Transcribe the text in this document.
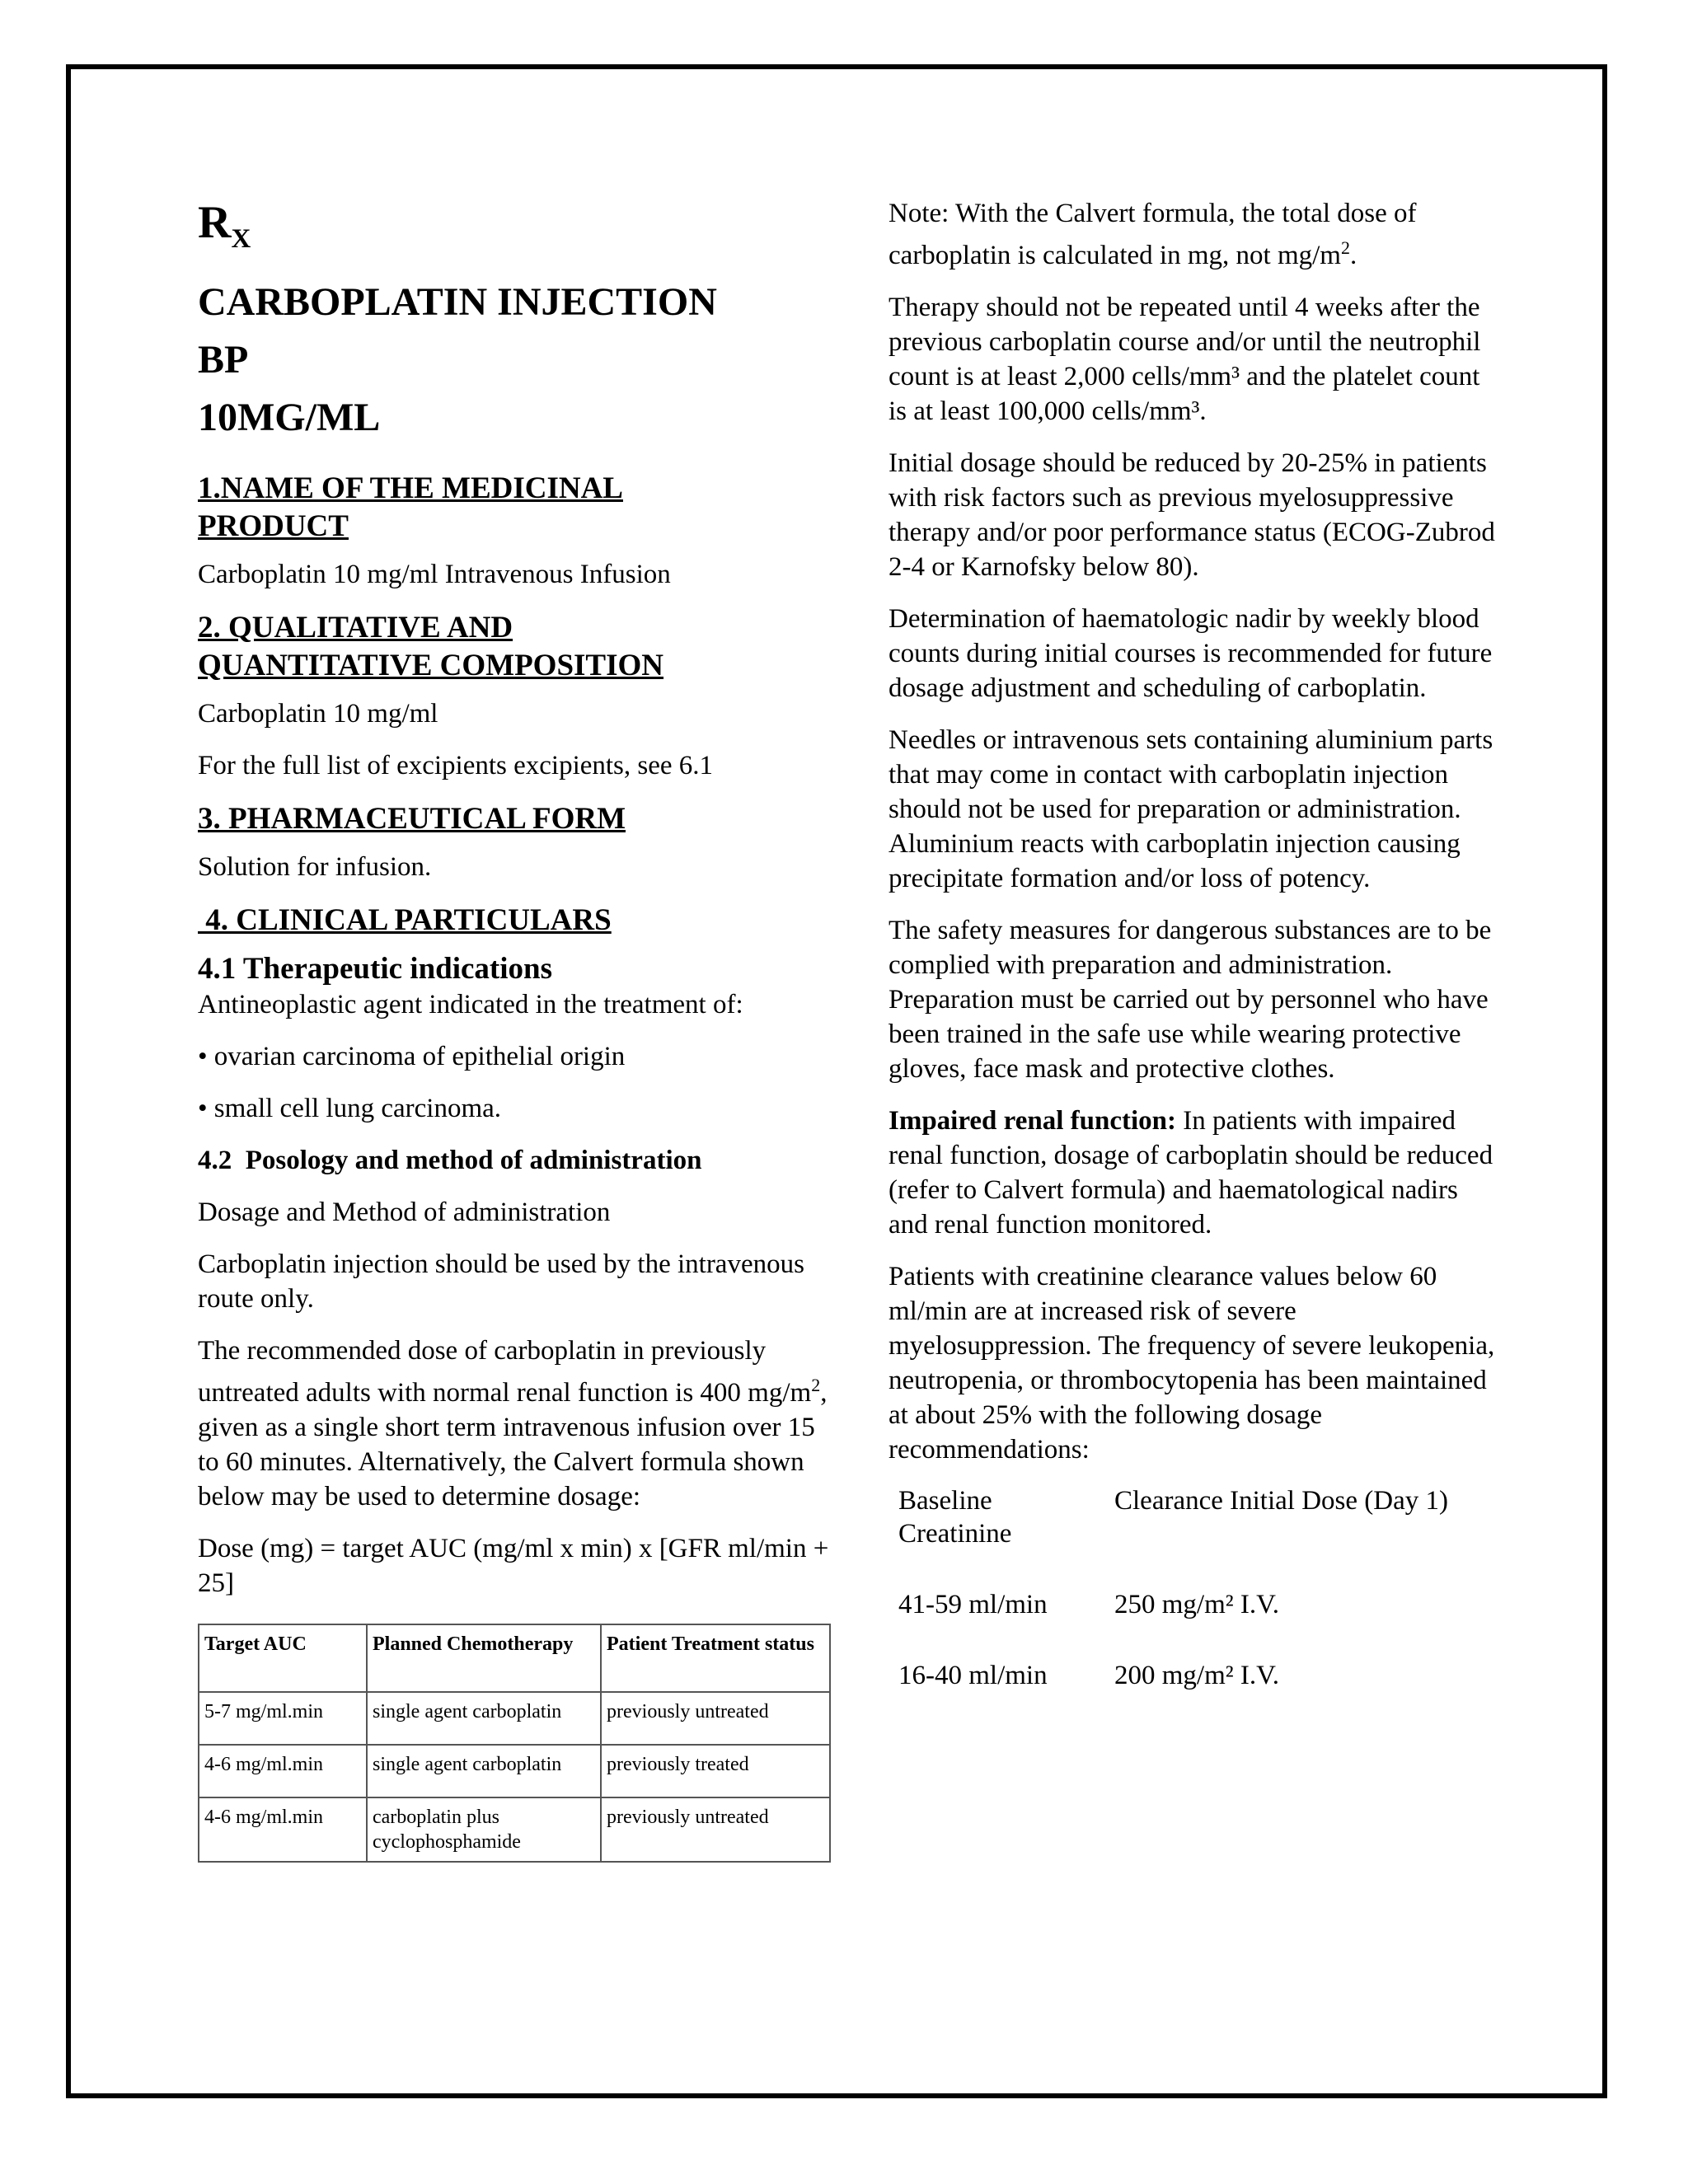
$R_X$
CARBOPLATIN INJECTION
BP
10MG/ML
1.NAME OF THE MEDICINAL
PRODUCT

Carboplatin 10 mg/ml Intravenous Infusion

2. QUALITATIVE AND
QUANTITATIVE COMPOSITION

Carboplatin 10 mg/ml

For the full list of excipients excipients, see 6.1

3. PHARMACEUTICAL FORM

Solution for infusion.

4. CLINICAL PARTICULARS
4.1 Therapeutic indications

Antineoplastic agent indicated in the treatment of:

• ovarian carcinoma of epithelial origin

• small cell lung carcinoma.

4.2  Posology and method of administration

Dosage and Method of administration

Carboplatin injection should be used by the intravenous route only.

The recommended dose of carboplatin in previously untreated adults with normal renal function is 400 $mg/m^2$, given as a single short term intravenous infusion over 15 to 60 minutes. Alternatively, the Calvert formula shown below may be used to determine dosage:

Dose (mg) = target AUC (mg/ml x min) x [GFR ml/min + 25]

Target AUC	Planned Chemotherapy	Patient Treatment status
5-7 mg/ml.min	single agent carboplatin	previously untreated
4-6 mg/ml.min	single agent carboplatin	previously treated
4-6 mg/ml.min	carboplatin plus cyclophosphamide	previously untreated

Note: With the Calvert formula, the total dose of carboplatin is calculated in mg, not $mg/m^2$.

Therapy should not be repeated until 4 weeks after the previous carboplatin course and/or until the neutrophil count is at least 2,000 cells/mm³ and the platelet count is at least 100,000 cells/mm³.

Initial dosage should be reduced by 20-25% in patients with risk factors such as previous myelosuppressive therapy and/or poor performance status (ECOG-Zubrod 2-4 or Karnofsky below 80).

Determination of haematologic nadir by weekly blood counts during initial courses is recommended for future dosage adjustment and scheduling of carboplatin.

Needles or intravenous sets containing aluminium parts that may come in contact with carboplatin injection should not be used for preparation or administration. Aluminium reacts with carboplatin injection causing precipitate formation and/or loss of potency.

The safety measures for dangerous substances are to be complied with preparation and administration. Preparation must be carried out by personnel who have been trained in the safe use while wearing protective gloves, face mask and protective clothes.

Impaired renal function: In patients with impaired renal function, dosage of carboplatin should be reduced (refer to Calvert formula) and haematological nadirs and renal function monitored.

Patients with creatinine clearance values below 60 ml/min are at increased risk of severe myelosuppression. The frequency of severe leukopenia, neutropenia, or thrombocytopenia has been maintained at about 25% with the following dosage recommendations:

Baseline Creatinine	Clearance Initial Dose (Day 1)
41-59 ml/min	250 mg/m² I.V.
16-40 ml/min	200 mg/m² I.V.
